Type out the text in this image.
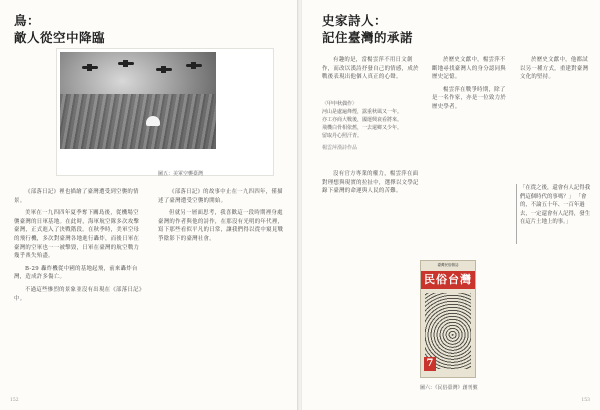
鳥：
敵人從空中降臨
圖五：美軍空襲臺灣

《部落日記》裡也描繪了臺灣遭受到空襲的情景。

美軍在一九四四年夏季奪下關島後，從機場空襲臺灣的日軍基地。在此時，海軍航空隊多次攻擊臺灣，正式進入了決戰階段。在秋季時，美軍空母的飛行機，多次對臺灣各地進行轟炸，而後日軍在臺灣的空軍也一一被擊毀，日軍在臺灣的航空戰力幾乎喪失殆盡。

B-29 轟炸機從中國的基地起飛，前來轟炸台灣，造成許多傷亡。

不過這些慘烈的景象並沒有出現在《部落日記》中。

《部落日記》的故事中止在一九四四年，僅描述了臺灣遭受空襲的開始。

但就另一層面思考，我喜歡這一段時期裡身處臺灣的作者與他的詩作，在那沒有光明的年代裡，寫下那些看似平凡的日常，讓我們得以從中窺見戰爭陰影下的臺灣社會。

152
史家詩人：
記住臺灣的承諾

有趣的是，當楊雲萍不用日文創作，而改以漢詩抒發自己的情感，成於戰後表現出他個人真正的心聲。

〈甲申秋偶作〉
河山是處遍烽煙，露重秋風又一年。
亦工亦商大戰後，國運興衰看將來。
飛機白骨相依舊，一去還鄉又少年。
留取丹心照汗青。
楊雲萍漢詩作品

沒有官方專業的權力，楊雲萍在面對理想與現實的拉扯中，選擇以文學記錄下臺灣的命運與人民的苦難。

於歷史文獻中，楊雲萍不斷地尋找臺灣人的身分認同與歷史記憶。

楊雲萍在戰爭時期，除了是一名作家，亦是一位致力於歷史學者。

於歷史文獻中，他都試以另一種方式，重建對臺灣文化的堅持。

「在從之後，還會有人記得我們這個時代的事嗎？」 「會的，不論五十年、一百年過去，一定還會有人記得，發生在這片土地上的事。」
臺灣民俗雜誌
民俗台灣
7
圖六：《民俗臺灣》創刊號
153
